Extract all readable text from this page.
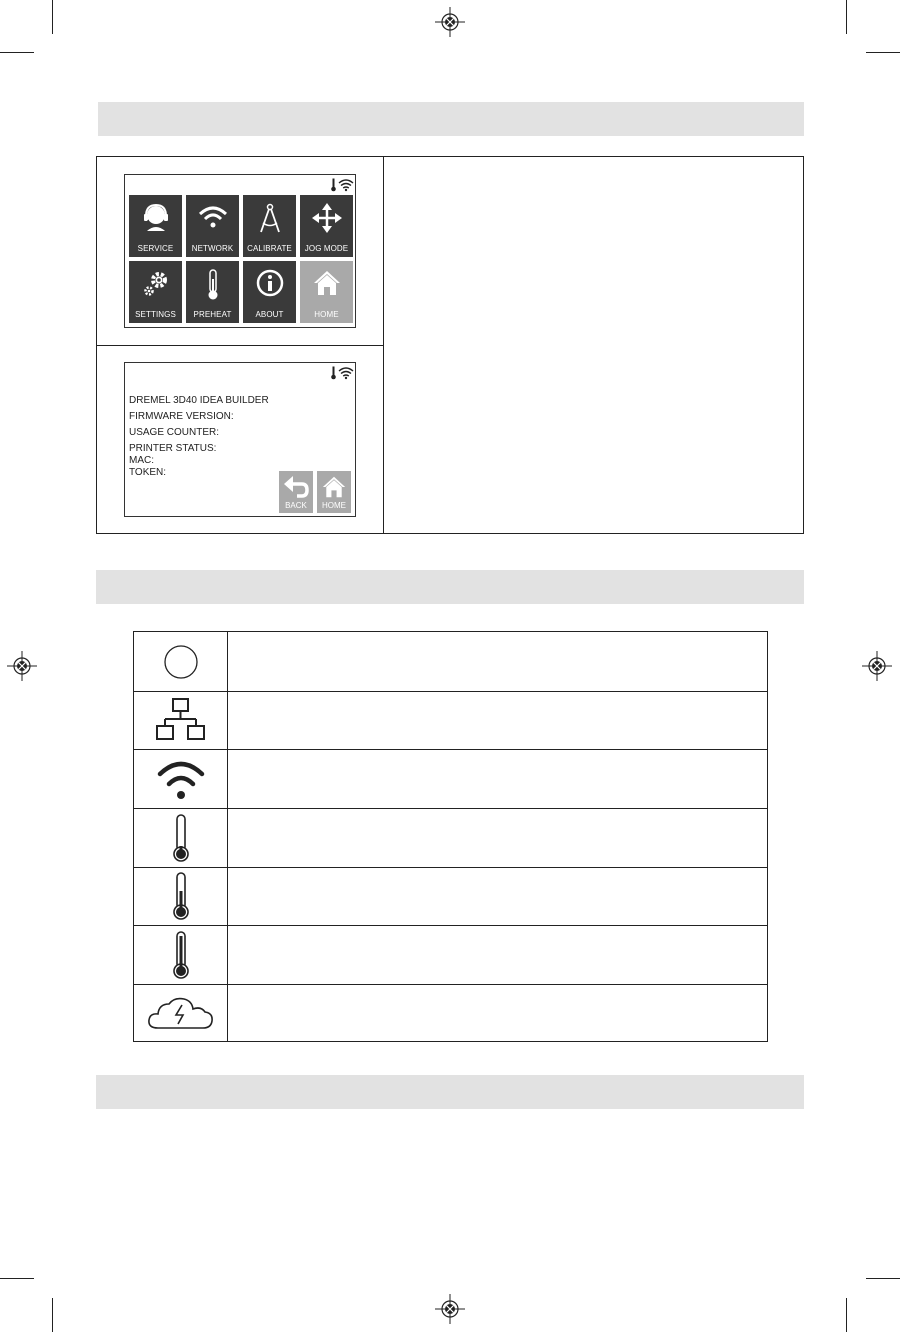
SERVICE	NETWORK	CALIBRATE	JOG MODE
SETTINGS	PREHEAT	ABOUT	HOME
DREMEL 3D40 IDEA BUILDER
FIRMWARE VERSION:
USAGE COUNTER:
PRINTER STATUS:
MAC:
TOKEN:
BACK	HOME
